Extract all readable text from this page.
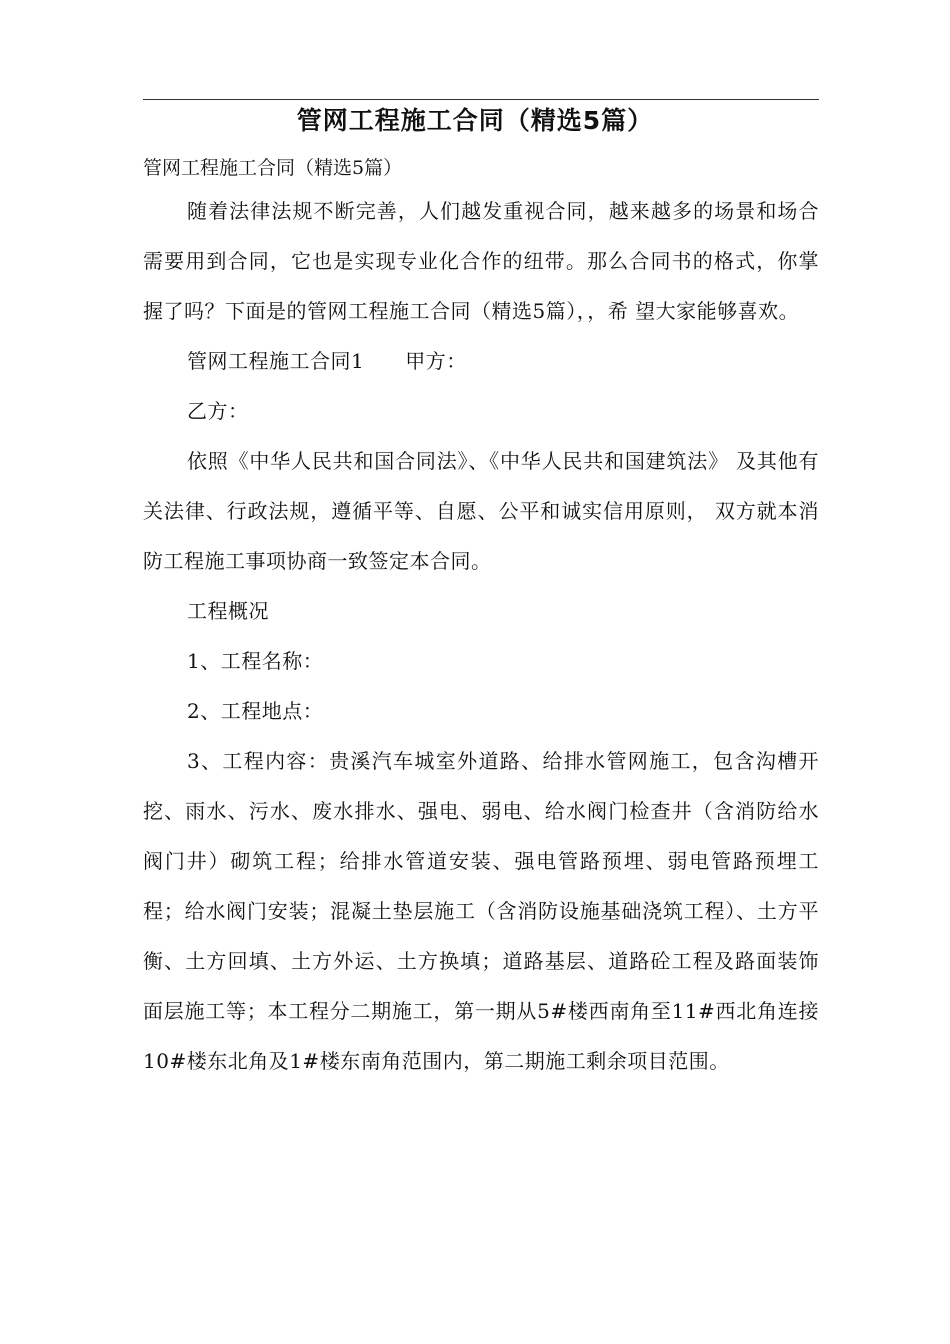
管网工程施工合同（精选5篇）

管网工程施工合同（精选5篇）

随着法律法规不断完善，人们越发重视合同，越来越多的场景和场合需要用到合同，它也是实现专业化合作的纽带。那么合同书的格式，你掌握了吗？下面是的管网工程施工合同（精选5篇），，希 望大家能够喜欢。

管网工程施工合同1　　甲方：

乙方：

依照《中华人民共和国合同法》、《中华人民共和国建筑法》 及其他有关法律、行政法规，遵循平等、自愿、公平和诚实信用原则， 双方就本消防工程施工事项协商一致签定本合同。

工程概况

1、工程名称：

2、工程地点：

3、工程内容：贵溪汽车城室外道路、给排水管网施工，包含沟槽开挖、雨水、污水、废水排水、强电、弱电、给水阀门检查井（含消防给水阀门井）砌筑工程；给排水管道安装、强电管路预埋、弱电管路预埋工程；给水阀门安装；混凝土垫层施工（含消防设施基础浇筑工程）、土方平衡、土方回填、土方外运、土方换填；道路基层、道路砼工程及路面装饰面层施工等；本工程分二期施工，第一期从5#楼西南角至11#西北角连接10#楼东北角及1#楼东南角范围内，第二期施工剩余项目范围。
